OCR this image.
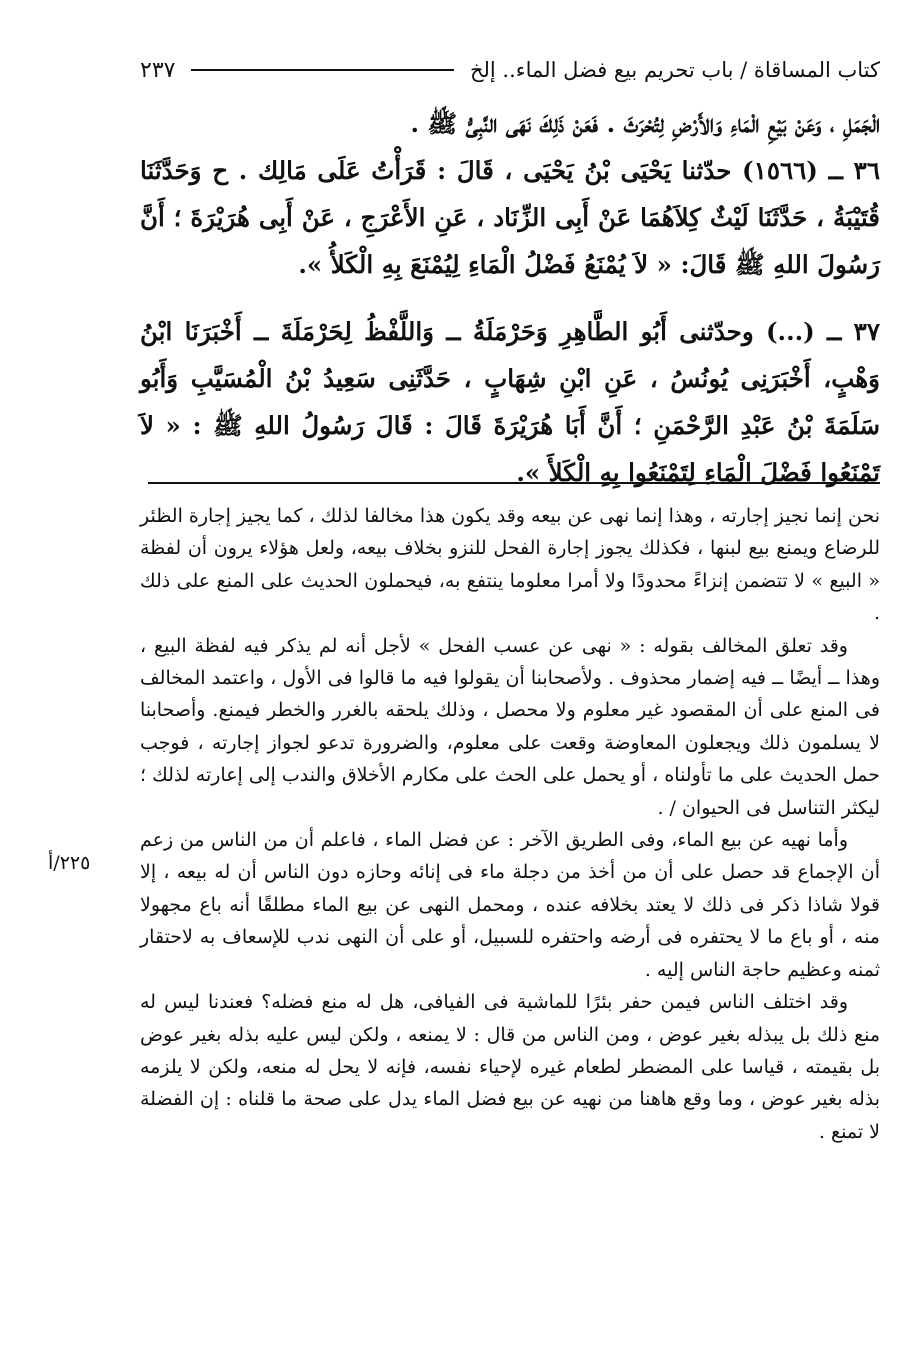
كتاب المساقاة / باب تحريم بيع فضل الماء.. إلخ
٢٣٧

الْجَمَلِ ، وَعَنْ بَيْعِ الْمَاءِ وَالأَرْضِ لِتُحْرَثَ . فَعَنْ ذَلِكَ نَهَى النَّبِىُّ ﷺ .

٣٦ ــ (١٥٦٦) حدّثنا يَحْيَى بْنُ يَحْيَى ، قَالَ : قَرَأْتُ عَلَى مَالِك . ح وَحَدَّثَنَا قُتَيْبَةُ ، حَدَّثَنَا لَيْثٌ كِلاَهُمَا عَنْ أَبِى الزِّنَاد ، عَنِ الأَعْرَجِ ، عَنْ أَبِى هُرَيْرَةَ ؛ أَنَّ رَسُولَ اللهِ ﷺ قَالَ: « لاَ يُمْنَعُ فَضْلُ الْمَاءِ لِيُمْنَعَ بِهِ الْكَلأُ ».

٣٧ ــ (...) وحدّثنى أَبُو الطَّاهِرِ وَحَرْمَلَةُ ــ وَاللَّفْظُ لِحَرْمَلَةَ ــ أَخْبَرَنَا ابْنُ وَهْبٍ، أَخْبَرَنِى يُونُسُ ، عَنِ ابْنِ شِهَابٍ ، حَدَّثَنِى سَعِيدُ بْنُ الْمُسَيَّبِ وَأَبُو سَلَمَةَ بْنُ عَبْدِ الرَّحْمَنِ ؛ أَنَّ أَبَا هُرَيْرَةَ قَالَ : قَالَ رَسُولُ اللهِ ﷺ : « لاَ تَمْنَعُوا فَضْلَ الْمَاءِ لِتَمْنَعُوا بِهِ الْكَلأَ ».

نحن إنما نجيز إجارته ، وهذا إنما نهى عن بيعه وقد يكون هذا مخالفا لذلك ، كما يجيز إجارة الظئر للرضاع ويمنع بيع لبنها ، فكذلك يجوز إجارة الفحل للنزو بخلاف بيعه، ولعل هؤلاء يرون أن لفظة « البيع » لا تتضمن إنزاءً محدودًا ولا أمرا معلوما ينتفع به، فيحملون الحديث على المنع على ذلك .

وقد تعلق المخالف بقوله : « نهى عن عسب الفحل » لأجل أنه لم يذكر فيه لفظة البيع ، وهذا ــ أيضًا ــ فيه إضمار محذوف . ولأصحابنا أن يقولوا فيه ما قالوا فى الأول ، واعتمد المخالف فى المنع على أن المقصود غير معلوم ولا محصل ، وذلك يلحقه بالغرر والخطر فيمنع. وأصحابنا لا يسلمون ذلك ويجعلون المعاوضة وقعت على معلوم، والضرورة تدعو لجواز إجارته ، فوجب حمل الحديث على ما تأولناه ، أو يحمل على الحث على مكارم الأخلاق والندب إلى إعارته لذلك ؛ ليكثر التناسل فى الحيوان / .

وأما نهيه عن بيع الماء، وفى الطريق الآخر : عن فضل الماء ، فاعلم أن من الناس من زعم أن الإجماع قد حصل على أن من أخذ من دجلة ماء فى إنائه وحازه دون الناس أن له بيعه ، إلا قولا شاذا ذكر فى ذلك لا يعتد بخلافه عنده ، ومحمل النهى عن بيع الماء مطلقًا أنه باع مجهولا منه ، أو باع ما لا يحتفره فى أرضه واحتفره للسبيل، أو على أن النهى ندب للإسعاف به لاحتقار ثمنه وعظيم حاجة الناس إليه .

وقد اختلف الناس فيمن حفر بئرًا للماشية فى الفيافى، هل له منع فضله؟ فعندنا ليس له منع ذلك بل يبذله بغير عوض ، ومن الناس من قال : لا يمنعه ، ولكن ليس عليه بذله بغير عوض بل بقيمته ، قياسا على المضطر لطعام غيره لإحياء نفسه، فإنه لا يحل له منعه، ولكن لا يلزمه بذله بغير عوض ، وما وقع هاهنا من نهيه عن بيع فضل الماء يدل على صحة ما قلناه : إن الفضلة لا تمنع .

٢٢٥/أ
